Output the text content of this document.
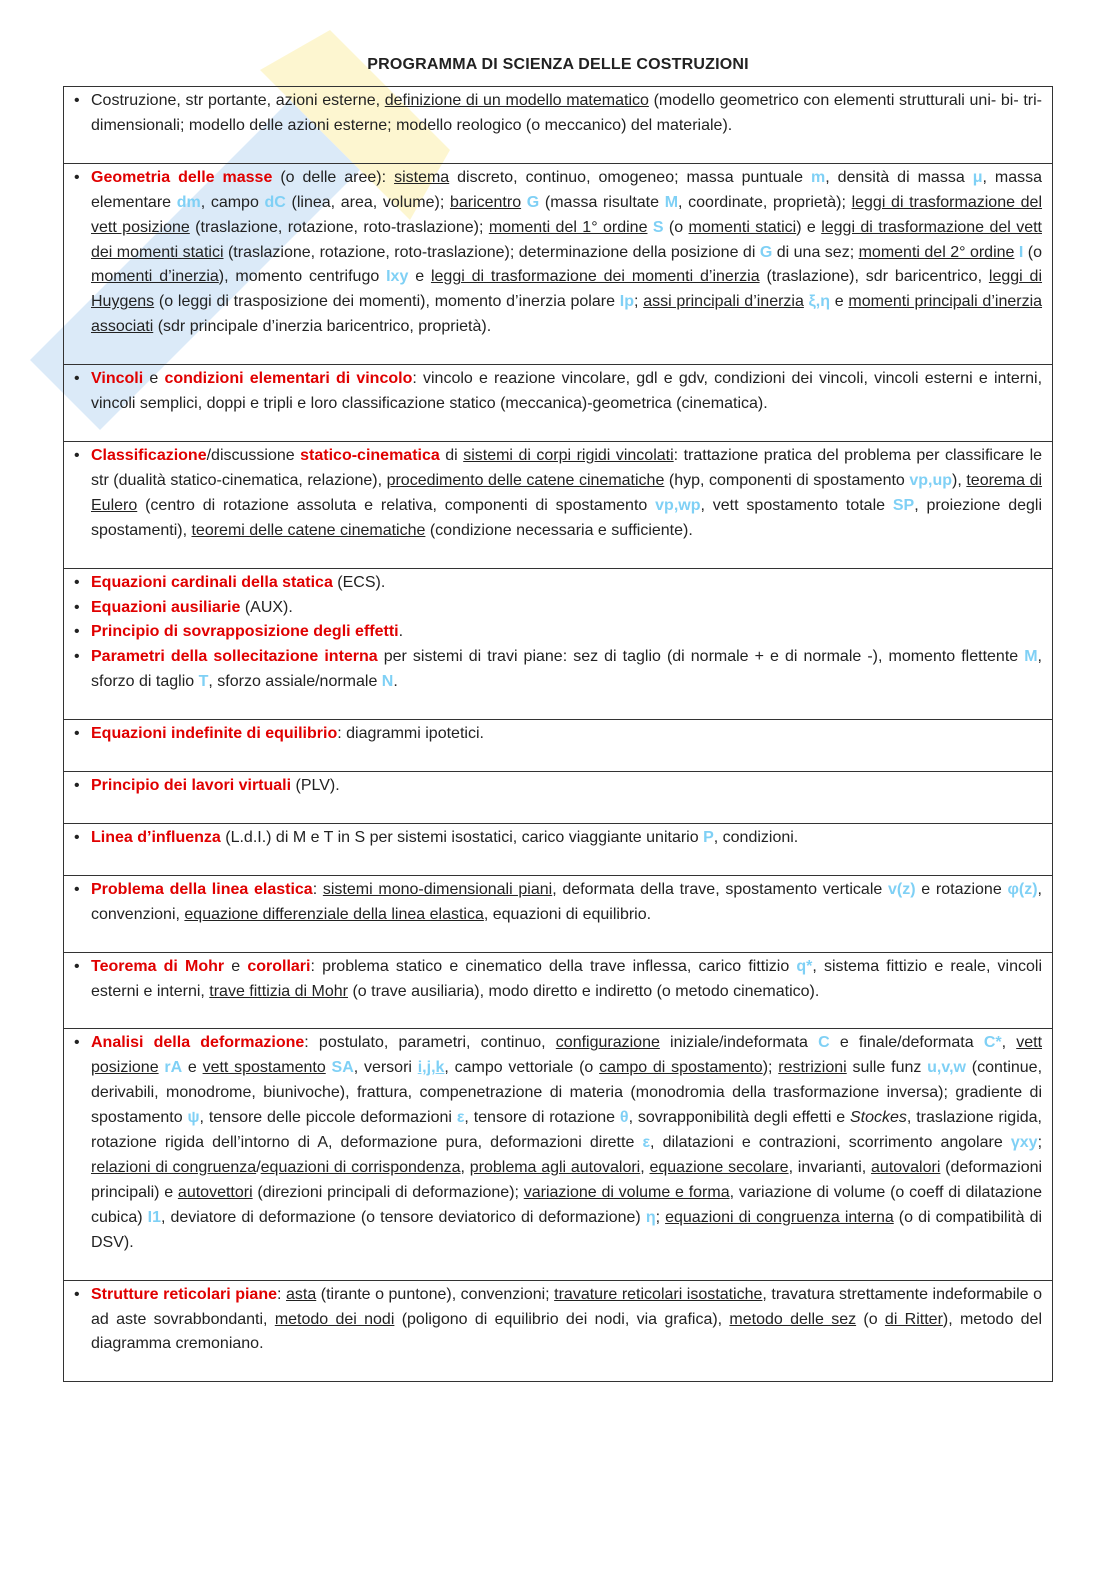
PROGRAMMA DI SCIENZA DELLE COSTRUZIONI
• Costruzione, str portante, azioni esterne, definizione di un modello matematico (modello geometrico con elementi strutturali uni- bi- tri-dimensionali; modello delle azioni esterne; modello reologico (o meccanico) del materiale).
• Geometria delle masse (o delle aree): sistema discreto, continuo, omogeneo; massa puntuale m, densità di massa μ, massa elementare dm, campo dC (linea, area, volume); baricentro G (massa risultate M, coordinate, proprietà); leggi di trasformazione del vett posizione (traslazione, rotazione, roto-traslazione); momenti del 1° ordine S (o momenti statici) e leggi di trasformazione del vett dei momenti statici (traslazione, rotazione, roto-traslazione); determinazione della posizione di G di una sez; momenti del 2° ordine I (o momenti d’inerzia), momento centrifugo Ixy e leggi di trasformazione dei momenti d’inerzia (traslazione), sdr baricentrico, leggi di Huygens (o leggi di trasposizione dei momenti), momento d’inerzia polare Ip; assi principali d’inerzia ξ,η e momenti principali d’inerzia associati (sdr principale d’inerzia baricentrico, proprietà).
• Vincoli e condizioni elementari di vincolo: vincolo e reazione vincolare, gdl e gdv, condizioni dei vincoli, vincoli esterni e interni, vincoli semplici, doppi e tripli e loro classificazione statico (meccanica)-geometrica (cinematica).
• Classificazione/discussione statico-cinematica di sistemi di corpi rigidi vincolati: trattazione pratica del problema per classificare le str (dualità statico-cinematica, relazione), procedimento delle catene cinematiche (hyp, componenti di spostamento vp,up), teorema di Eulero (centro di rotazione assoluta e relativa, componenti di spostamento vp,wp, vett spostamento totale SP, proiezione degli spostamenti), teoremi delle catene cinematiche (condizione necessaria e sufficiente).
• Equazioni cardinali della statica (ECS).
• Equazioni ausiliarie (AUX).
• Principio di sovrapposizione degli effetti.
• Parametri della sollecitazione interna per sistemi di travi piane: sez di taglio (di normale + e di normale -), momento flettente M, sforzo di taglio T, sforzo assiale/normale N.
• Equazioni indefinite di equilibrio: diagrammi ipotetici.
• Principio dei lavori virtuali (PLV).
• Linea d’influenza (L.d.I.) di M e T in S per sistemi isostatici, carico viaggiante unitario P, condizioni.
• Problema della linea elastica: sistemi mono-dimensionali piani, deformata della trave, spostamento verticale v(z) e rotazione φ(z), convenzioni, equazione differenziale della linea elastica, equazioni di equilibrio.
• Teorema di Mohr e corollari: problema statico e cinematico della trave inflessa, carico fittizio q*, sistema fittizio e reale, vincoli esterni e interni, trave fittizia di Mohr (o trave ausiliaria), modo diretto e indiretto (o metodo cinematico).
• Analisi della deformazione: postulato, parametri, continuo, configurazione iniziale/indeformata C e finale/deformata C*, vett posizione rA e vett spostamento SA, versori i,j,k, campo vettoriale (o campo di spostamento); restrizioni sulle funz u,v,w (continue, derivabili, monodrome, biunivoche), frattura, compenetrazione di materia (monodromia della trasformazione inversa); gradiente di spostamento ψ, tensore delle piccole deformazioni ε, tensore di rotazione θ, sovrapponibilità degli effetti e Stockes, traslazione rigida, rotazione rigida dell’intorno di A, deformazione pura, deformazioni dirette ε, dilatazioni e contrazioni, scorrimento angolare γxy; relazioni di congruenza/equazioni di corrispondenza, problema agli autovalori, equazione secolare, invarianti, autovalori (deformazioni principali) e autovettori (direzioni principali di deformazione); variazione di volume e forma, variazione di volume (o coeff di dilatazione cubica) I1, deviatore di deformazione (o tensore deviatorico di deformazione) η; equazioni di congruenza interna (o di compatibilità di DSV).
• Strutture reticolari piane: asta (tirante o puntone), convenzioni; travature reticolari isostatiche, travatura strettamente indeformabile o ad aste sovrabbondanti, metodo dei nodi (poligono di equilibrio dei nodi, via grafica), metodo delle sez (o di Ritter), metodo del diagramma cremoniano.
